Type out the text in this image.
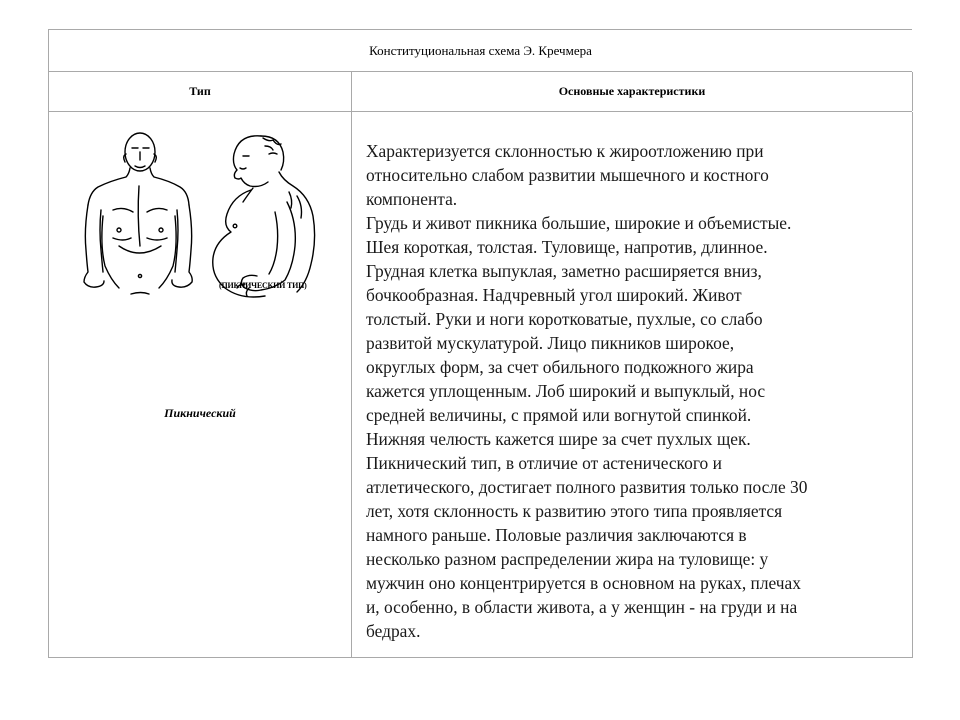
Конституциональная схема Э. Кречмера
Тип	Основные характеристики
(ПИКНИЧЕСКИЙ ТИП)
Пикнический
Характеризуется склонностью к жироотложению при
относительно слабом развитии мышечного и костного
компонента.
Грудь и живот пикника большие, широкие и объемистые.
Шея короткая, толстая. Туловище, напротив, длинное.
Грудная клетка выпуклая, заметно расширяется вниз,
бочкообразная. Надчревный угол широкий. Живот
толстый. Руки и ноги коротковатые, пухлые, со слабо
развитой мускулатурой. Лицо пикников широкое,
округлых форм, за счет обильного подкожного жира
кажется уплощенным. Лоб широкий и выпуклый, нос
средней величины, с прямой или вогнутой спинкой.
Нижняя челюсть кажется шире за счет пухлых щек.
Пикнический тип, в отличие от астенического и
атлетического, достигает полного развития только после 30
лет, хотя склонность к развитию этого типа проявляется
намного раньше. Половые различия заключаются в
несколько разном распределении жира на туловище: у
мужчин оно концентрируется в основном на руках, плечах
и, особенно, в области живота, а у женщин - на груди и на
бедрах.
